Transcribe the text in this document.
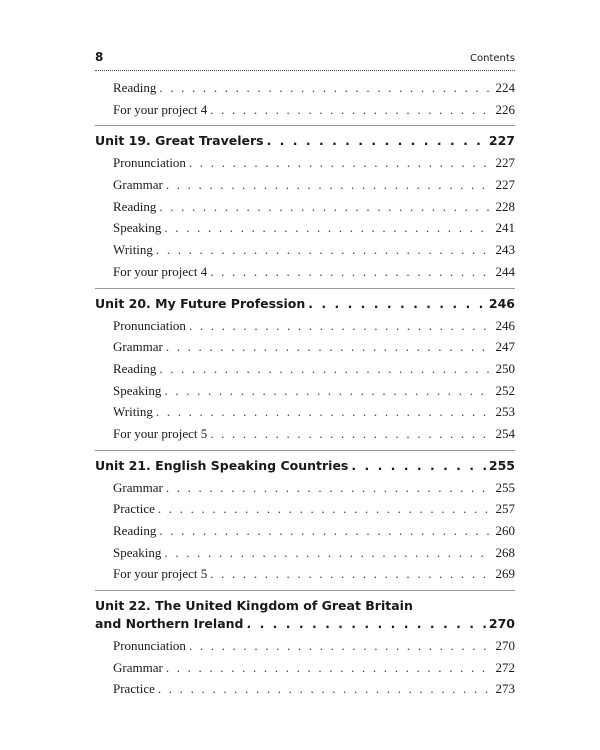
8	Contents
Reading . . .	224
For your project 4 . . .	226
Unit 19. Great Travelers . . .	227
Pronunciation . . .	227
Grammar . . .	227
Reading . . .	228
Speaking . . .	241
Writing . . .	243
For your project 4 . . .	244
Unit 20. My Future Profession . . .	246
Pronunciation . . .	246
Grammar . . .	247
Reading . . .	250
Speaking . . .	252
Writing . . .	253
For your project 5 . . .	254
Unit 21. English Speaking Countries . . .	255
Grammar . . .	255
Practice . . .	257
Reading . . .	260
Speaking . . .	268
For your project 5 . . .	269
Unit 22. The United Kingdom of Great Britain
and Northern Ireland . . .	270
Pronunciation . . .	270
Grammar . . .	272
Practice . . .	273
